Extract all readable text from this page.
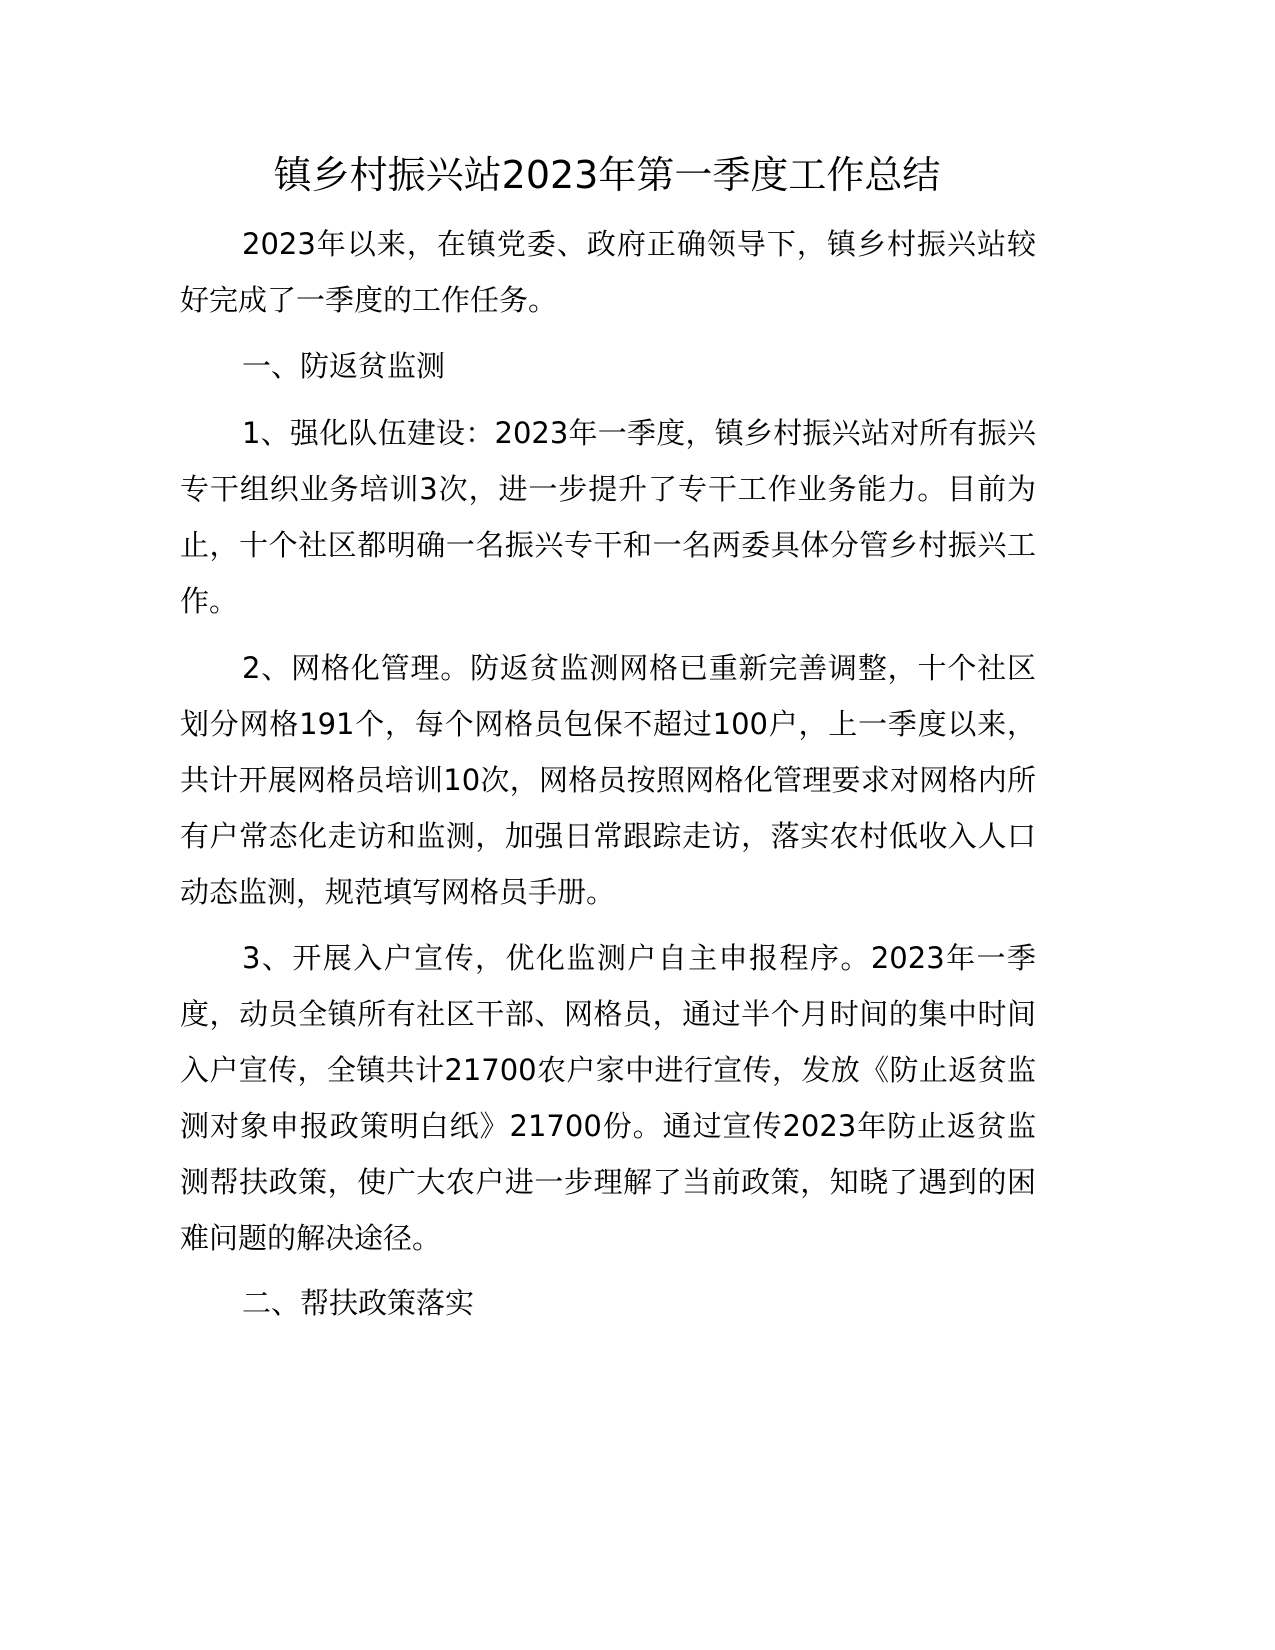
镇乡村振兴站2023年第一季度工作总结

2023年以来，在镇党委、政府正确领导下，镇乡村振兴站较好完成了一季度的工作任务。

一、防返贫监测

1、强化队伍建设：2023年一季度，镇乡村振兴站对所有振兴专干组织业务培训3次，进一步提升了专干工作业务能力。目前为止，十个社区都明确一名振兴专干和一名两委具体分管乡村振兴工作。

2、网格化管理。防返贫监测网格已重新完善调整，十个社区划分网格191个，每个网格员包保不超过100户，上一季度以来，共计开展网格员培训10次，网格员按照网格化管理要求对网格内所有户常态化走访和监测，加强日常跟踪走访，落实农村低收入人口动态监测，规范填写网格员手册。

3、开展入户宣传，优化监测户自主申报程序。2023年一季度，动员全镇所有社区干部、网格员，通过半个月时间的集中时间入户宣传，全镇共计21700农户家中进行宣传，发放《防止返贫监测对象申报政策明白纸》21700份。通过宣传2023年防止返贫监测帮扶政策，使广大农户进一步理解了当前政策，知晓了遇到的困难问题的解决途径。

二、帮扶政策落实
